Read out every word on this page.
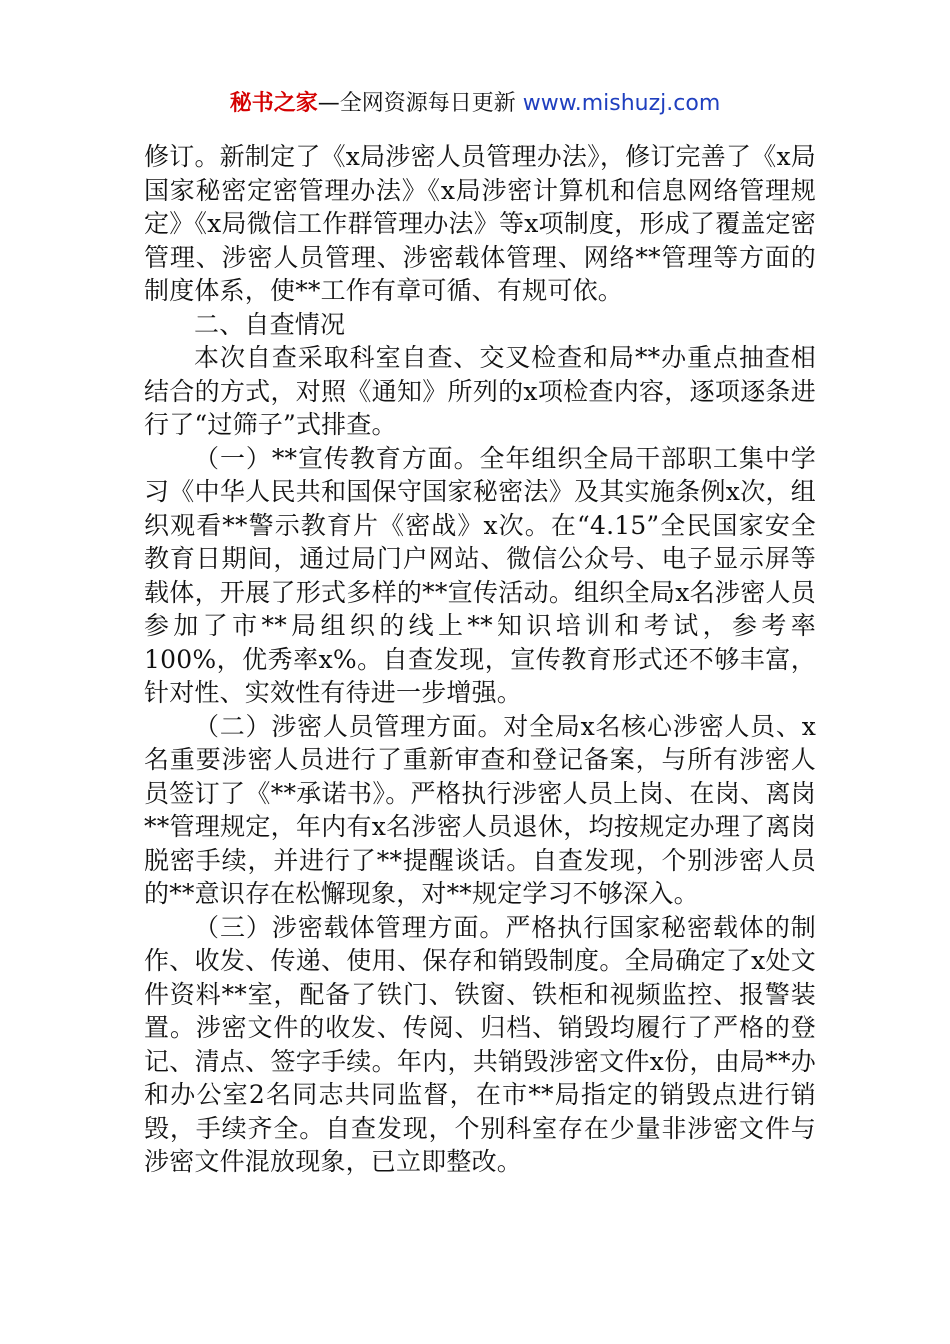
秘书之家—全网资源每日更新 www.mishuzj.com

修订。新制定了《x局涉密人员管理办法》，修订完善了《x局国家秘密定密管理办法》《x局涉密计算机和信息网络管理规定》《x局微信工作群管理办法》等x项制度，形成了覆盖定密管理、涉密人员管理、涉密载体管理、网络**管理等方面的制度体系，使**工作有章可循、有规可依。

二、自查情况

本次自查采取科室自查、交叉检查和局**办重点抽查相结合的方式，对照《通知》所列的x项检查内容，逐项逐条进行了“过筛子”式排查。

（一）**宣传教育方面。全年组织全局干部职工集中学习《中华人民共和国保守国家秘密法》及其实施条例x次，组织观看**警示教育片《密战》x次。在“4.15”全民国家安全教育日期间，通过局门户网站、微信公众号、电子显示屏等载体，开展了形式多样的**宣传活动。组织全局x名涉密人员参加了市**局组织的线上**知识培训和考试，参考率100%，优秀率x%。自查发现，宣传教育形式还不够丰富，针对性、实效性有待进一步增强。

（二）涉密人员管理方面。对全局x名核心涉密人员、x名重要涉密人员进行了重新审查和登记备案，与所有涉密人员签订了《**承诺书》。严格执行涉密人员上岗、在岗、离岗**管理规定，年内有x名涉密人员退休，均按规定办理了离岗脱密手续，并进行了**提醒谈话。自查发现，个别涉密人员的**意识存在松懈现象，对**规定学习不够深入。

（三）涉密载体管理方面。严格执行国家秘密载体的制作、收发、传递、使用、保存和销毁制度。全局确定了x处文件资料**室，配备了铁门、铁窗、铁柜和视频监控、报警装置。涉密文件的收发、传阅、归档、销毁均履行了严格的登记、清点、签字手续。年内，共销毁涉密文件x份，由局**办和办公室2名同志共同监督，在市**局指定的销毁点进行销毁，手续齐全。自查发现，个别科室存在少量非涉密文件与涉密文件混放现象，已立即整改。
